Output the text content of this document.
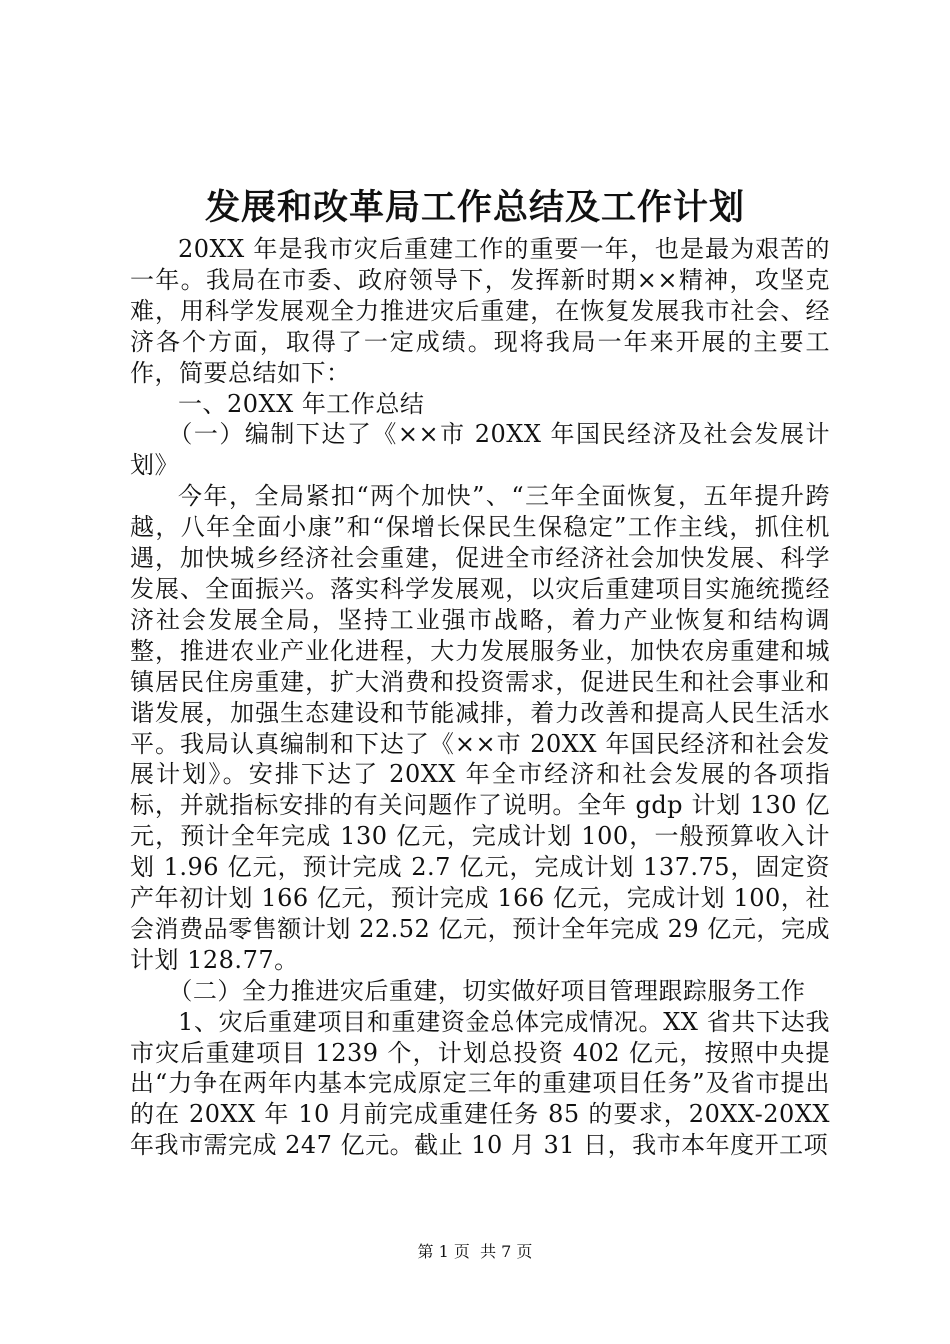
发展和改革局工作总结及工作计划

20XX 年是我市灾后重建工作的重要一年，也是最为艰苦的一年。我局在市委、政府领导下，发挥新时期××精神，攻坚克难，用科学发展观全力推进灾后重建，在恢复发展我市社会、经济各个方面，取得了一定成绩。现将我局一年来开展的主要工作，简要总结如下：

一、20XX 年工作总结

（一）编制下达了《××市 20XX 年国民经济及社会发展计划》

今年，全局紧扣“两个加快”、“三年全面恢复，五年提升跨越，八年全面小康”和“保增长保民生保稳定”工作主线，抓住机遇，加快城乡经济社会重建，促进全市经济社会加快发展、科学发展、全面振兴。落实科学发展观，以灾后重建项目实施统揽经济社会发展全局，坚持工业强市战略，着力产业恢复和结构调整，推进农业产业化进程，大力发展服务业，加快农房重建和城镇居民住房重建，扩大消费和投资需求，促进民生和社会事业和谐发展，加强生态建设和节能减排，着力改善和提高人民生活水平。我局认真编制和下达了《××市 20XX 年国民经济和社会发展计划》。安排下达了 20XX 年全市经济和社会发展的各项指标，并就指标安排的有关问题作了说明。全年 gdp 计划 130 亿元，预计全年完成 130 亿元，完成计划 100，一般预算收入计划 1.96 亿元，预计完成 2.7 亿元，完成计划 137.75，固定资产年初计划 166 亿元，预计完成 166 亿元，完成计划 100，社会消费品零售额计划 22.52 亿元，预计全年完成 29 亿元，完成计划 128.77。

（二）全力推进灾后重建，切实做好项目管理跟踪服务工作

1、灾后重建项目和重建资金总体完成情况。XX 省共下达我市灾后重建项目 1239 个，计划总投资 402 亿元，按照中央提出“力争在两年内基本完成原定三年的重建项目任务”及省市提出的在 20XX 年 10 月前完成重建任务 85 的要求，20XX-20XX 年我市需完成 247 亿元。截止 10 月 31 日，我市本年度开工项

第 1 页 共 7 页
